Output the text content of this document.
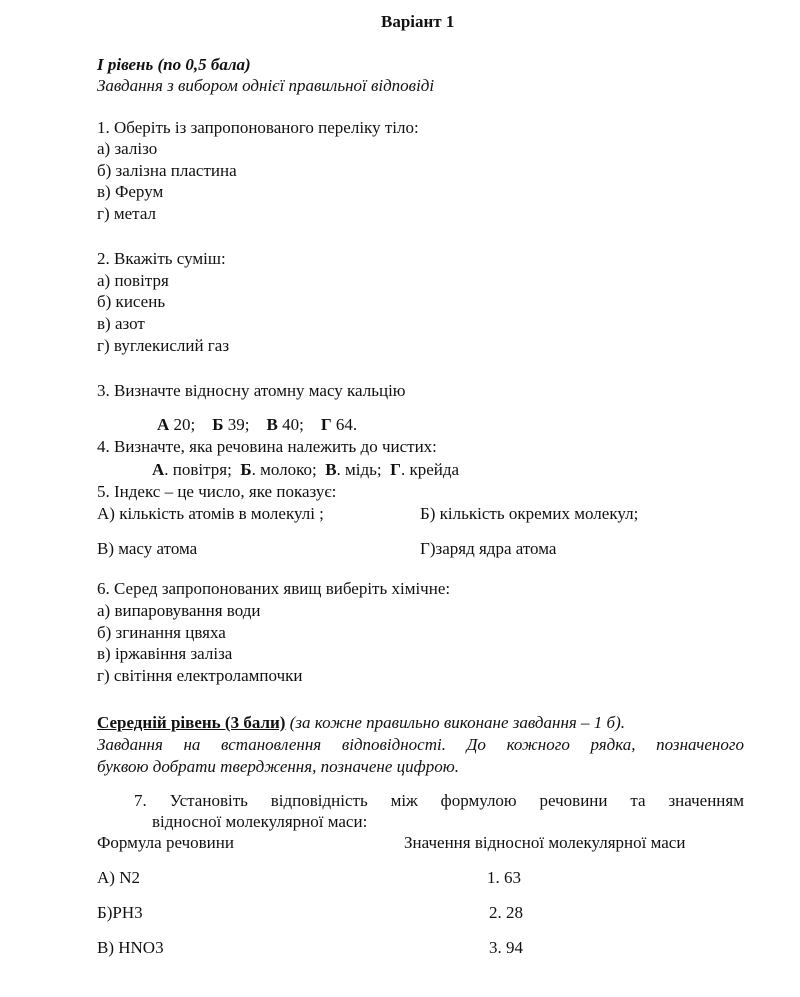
Варіант 1
І рівень (по 0,5 бала)
Завдання з вибором однієї правильної відповіді
1. Оберіть із запропонованого переліку тіло:
а) залізо
б) залізна пластина
в) Ферум
г) метал
2. Вкажіть суміш:
а) повітря
б) кисень
в) азот
г) вуглекислий газ
3. Визначте відносну атомну масу кальцію
А 20; Б 39; В 40; Г 64.
4. Визначте, яка речовина належить до чистих:
А. повітря; Б. молоко; В. мідь; Г. крейда
5. Індекс – це число, яке показує:
А) кількість атомів в молекулі ;	Б) кількість окремих молекул;
В) масу атома	Г)заряд ядра атома
6. Серед запропонованих явищ виберіть хімічне:
а) випаровування води
б) згинання цвяха
в) іржавіння заліза
г) світіння електролампочки
Середній рівень (3 бали) (за кожне правильно виконане завдання – 1 б).
Завдання на встановлення відповідності. До кожного рядка, позначеного
буквою добрати твердження, позначене цифрою.
7. Установіть відповідність між формулою речовини та значенням
відносної молекулярної маси:
Формула речовини	Значення відносної молекулярної маси
А) N2	1. 63
Б)PH3	2. 28
В) HNO3	3. 94
